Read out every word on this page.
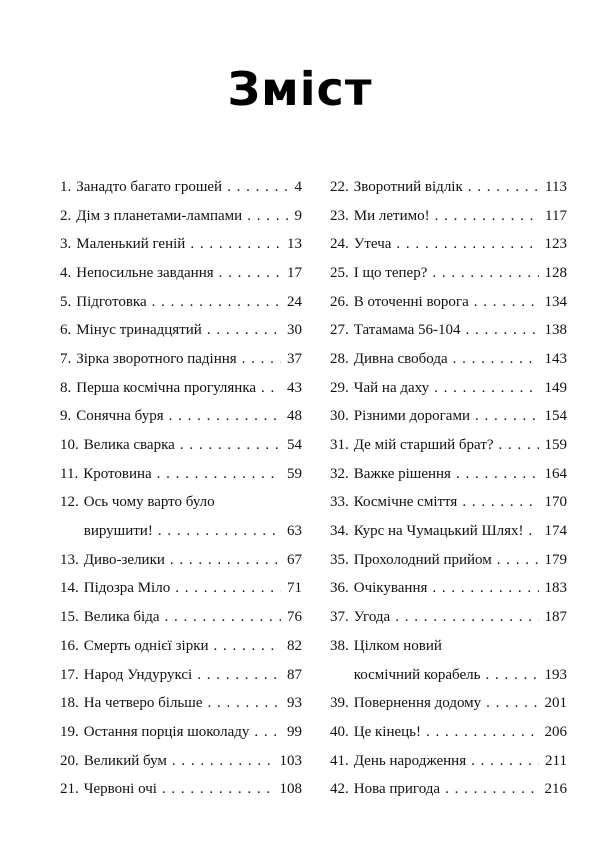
Зміст
1. Занадто багато грошей . . .	4
2. Дім з планетами-лампами . . .	9
3. Маленький геній . . .	13
4. Непосильне завдання . . .	17
5. Підготовка . . .	24
6. Мінус тринадцятий . . .	30
7. Зірка зворотного падіння . . .	37
8. Перша космічна прогулянка . . . 43
9. Сонячна буря . . .	48
10. Велика сварка . . .	54
11. Кротовина . . .	59
12. Ось чому варто було
вирушити! . . .	63
13. Диво-зелики . . .	67
14. Підозра Міло . . .	71
15. Велика біда . . .	76
16. Смерть однієї зірки . . .	82
17. Народ Ундуруксі . . .	87
18. На четверо більше . . .	93
19. Остання порція шоколаду . . .	99
20. Великий бум . . .	103
21. Червоні очі . . .	108
22. Зворотний відлік . . .	113
23. Ми летимо! . . .	117
24. Утеча . . .	123
25. І що тепер? . . .	128
26. В оточенні ворога . . .	134
27. Татамама 56-104 . . .	138
28. Дивна свобода . . .	143
29. Чай на даху . . .	149
30. Різними дорогами . . .	154
31. Де мій старший брат? . . .	159
32. Важке рішення . . .	164
33. Космічне сміття . . .	170
34. Курс на Чумацький Шлях! . . . 174
35. Прохолодний прийом . . .	179
36. Очікування . . .	183
37. Угода . . .	187
38. Цілком новий
космічний корабель . . .	193
39. Повернення додому . . .	201
40. Це кінець! . . .	206
41. День народження . . .	211
42. Нова пригода . . .	216
